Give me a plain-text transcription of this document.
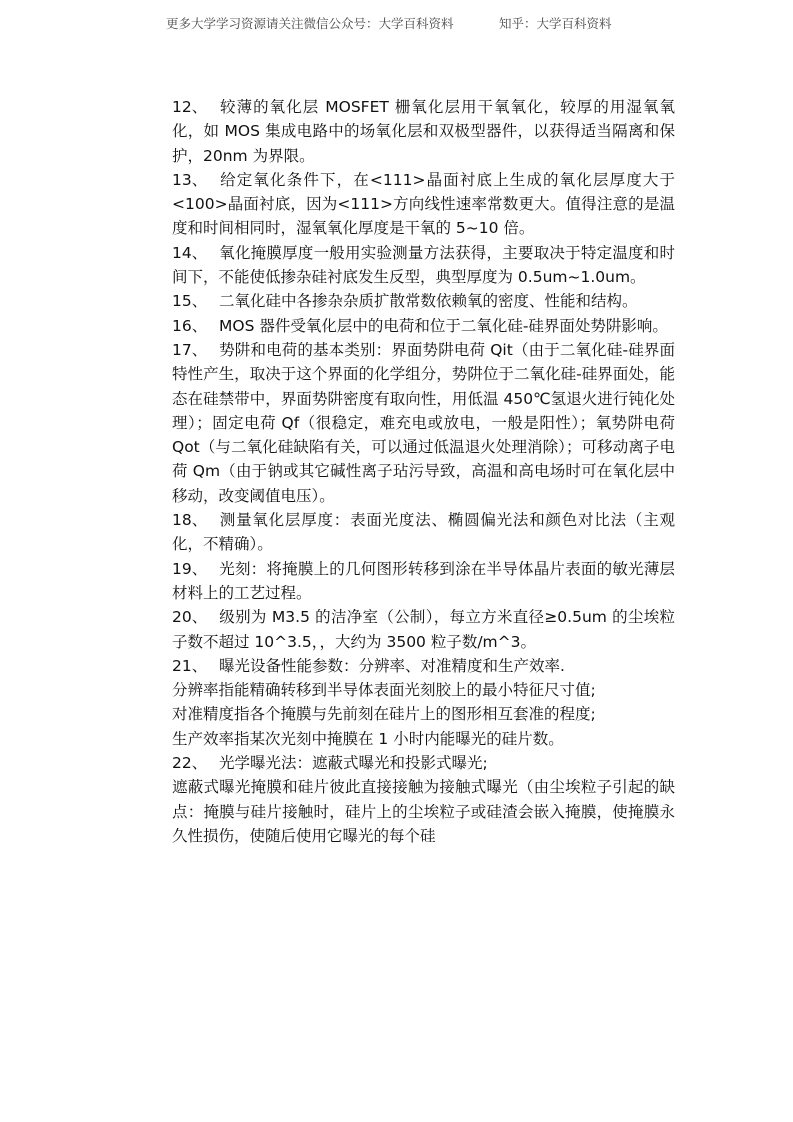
更多大学学习资源请关注微信公众号：大学百科资料	知乎：大学百科资料

12、 较薄的氧化层 MOSFET 栅氧化层用干氧氧化，较厚的用湿氧氧化，如 MOS 集成电路中的场氧化层和双极型器件，以获得适当隔离和保护，20nm 为界限。

13、 给定氧化条件下，在<111>晶面衬底上生成的氧化层厚度大于<100>晶面衬底，因为<111>方向线性速率常数更大。值得注意的是温度和时间相同时，湿氧氧化厚度是干氧的 5~10 倍。

14、 氧化掩膜厚度一般用实验测量方法获得，主要取决于特定温度和时间下，不能使低掺杂硅衬底发生反型，典型厚度为 0.5um~1.0um。

15、 二氧化硅中各掺杂杂质扩散常数依赖氧的密度、性能和结构。

16、 MOS 器件受氧化层中的电荷和位于二氧化硅-硅界面处势阱影响。

17、 势阱和电荷的基本类别：界面势阱电荷 Qit（由于二氧化硅-硅界面特性产生，取决于这个界面的化学组分，势阱位于二氧化硅-硅界面处，能态在硅禁带中，界面势阱密度有取向性，用低温 450℃氢退火进行钝化处理）；固定电荷 Qf（很稳定，难充电或放电，一般是阳性）；氧势阱电荷 Qot（与二氧化硅缺陷有关，可以通过低温退火处理消除）；可移动离子电荷 Qm（由于钠或其它碱性离子玷污导致，高温和高电场时可在氧化层中移动，改变阈值电压）。

18、 测量氧化层厚度：表面光度法、椭圆偏光法和颜色对比法（主观化，不精确）。

19、 光刻：将掩膜上的几何图形转移到涂在半导体晶片表面的敏光薄层材料上的工艺过程。

20、 级别为 M3.5 的洁净室（公制），每立方米直径≥0.5um 的尘埃粒子数不超过 10^3.5，，大约为 3500 粒子数/m^3。

21、 曝光设备性能参数：分辨率、对准精度和生产效率.

分辨率指能精确转移到半导体表面光刻胶上的最小特征尺寸值;

对准精度指各个掩膜与先前刻在硅片上的图形相互套准的程度;

生产效率指某次光刻中掩膜在 1 小时内能曝光的硅片数。

22、 光学曝光法：遮蔽式曝光和投影式曝光;

遮蔽式曝光掩膜和硅片彼此直接接触为接触式曝光（由尘埃粒子引起的缺点：掩膜与硅片接触时，硅片上的尘埃粒子或硅渣会嵌入掩膜，使掩膜永久性损伤，使随后使用它曝光的每个硅
